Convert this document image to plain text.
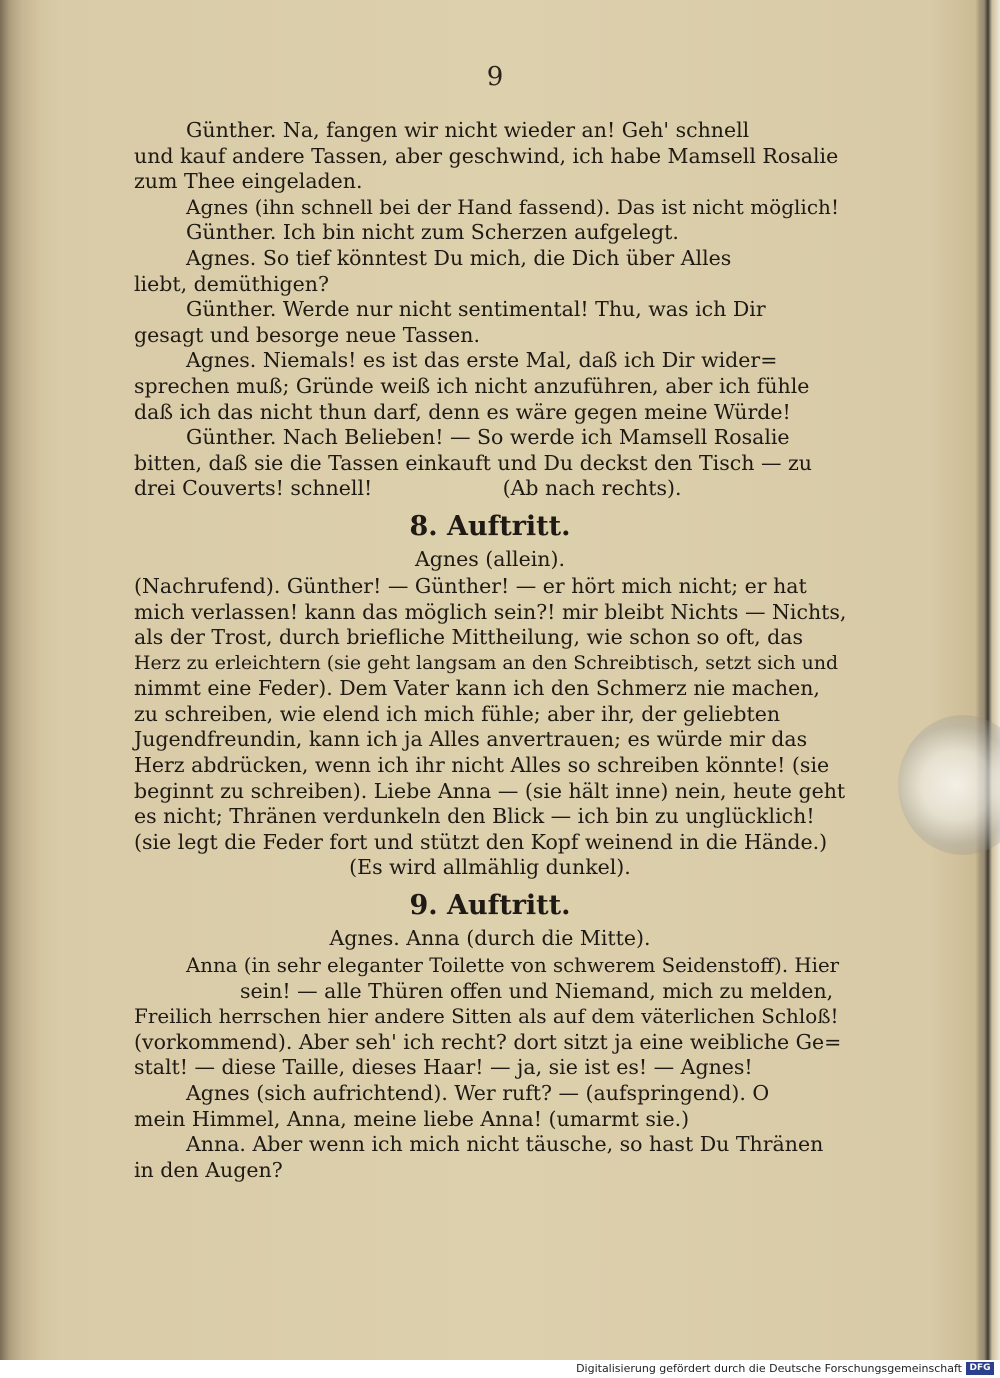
9
Günther. Na, fangen wir nicht wieder an! Geh' schnell
und kauf andere Tassen, aber geschwind, ich habe Mamsell Rosalie
zum Thee eingeladen.
Agnes (ihn schnell bei der Hand fassend). Das ist nicht möglich!
Günther. Ich bin nicht zum Scherzen aufgelegt.
Agnes. So tief könntest Du mich, die Dich über Alles
liebt, demüthigen?
Günther. Werde nur nicht sentimental! Thu, was ich Dir
gesagt und besorge neue Tassen.
Agnes. Niemals! es ist das erste Mal, daß ich Dir wider=
sprechen muß; Gründe weiß ich nicht anzuführen, aber ich fühle
daß ich das nicht thun darf, denn es wäre gegen meine Würde!
Günther. Nach Belieben! — So werde ich Mamsell Rosalie
bitten, daß sie die Tassen einkauft und Du deckst den Tisch — zu
drei Couverts! schnell!                    (Ab nach rechts).
8. Auftritt.
Agnes (allein).
(Nachrufend). Günther! — Günther! — er hört mich nicht; er hat
mich verlassen! kann das möglich sein?! mir bleibt Nichts — Nichts,
als der Trost, durch briefliche Mittheilung, wie schon so oft, das
Herz zu erleichtern (sie geht langsam an den Schreibtisch, setzt sich und
nimmt eine Feder). Dem Vater kann ich den Schmerz nie machen,
zu schreiben, wie elend ich mich fühle; aber ihr, der geliebten
Jugendfreundin, kann ich ja Alles anvertrauen; es würde mir das
Herz abdrücken, wenn ich ihr nicht Alles so schreiben könnte! (sie
beginnt zu schreiben). Liebe Anna — (sie hält inne) nein, heute geht
es nicht; Thränen verdunkeln den Blick — ich bin zu unglücklich!
(sie legt die Feder fort und stützt den Kopf weinend in die Hände.)
(Es wird allmählig dunkel).
9. Auftritt.
Agnes. Anna (durch die Mitte).
Anna (in sehr eleganter Toilette von schwerem Seidenstoff). Hier
sein! — alle Thüren offen und Niemand, mich zu melden,
Freilich herrschen hier andere Sitten als auf dem väterlichen Schloß!
(vorkommend). Aber seh' ich recht? dort sitzt ja eine weibliche Ge=
stalt! — diese Taille, dieses Haar! — ja, sie ist es! — Agnes!
Agnes (sich aufrichtend). Wer ruft? — (aufspringend). O
mein Himmel, Anna, meine liebe Anna! (umarmt sie.)
Anna. Aber wenn ich mich nicht täusche, so hast Du Thränen
in den Augen?
Digitalisierung gefördert durch die Deutsche Forschungsgemeinschaft DFG
